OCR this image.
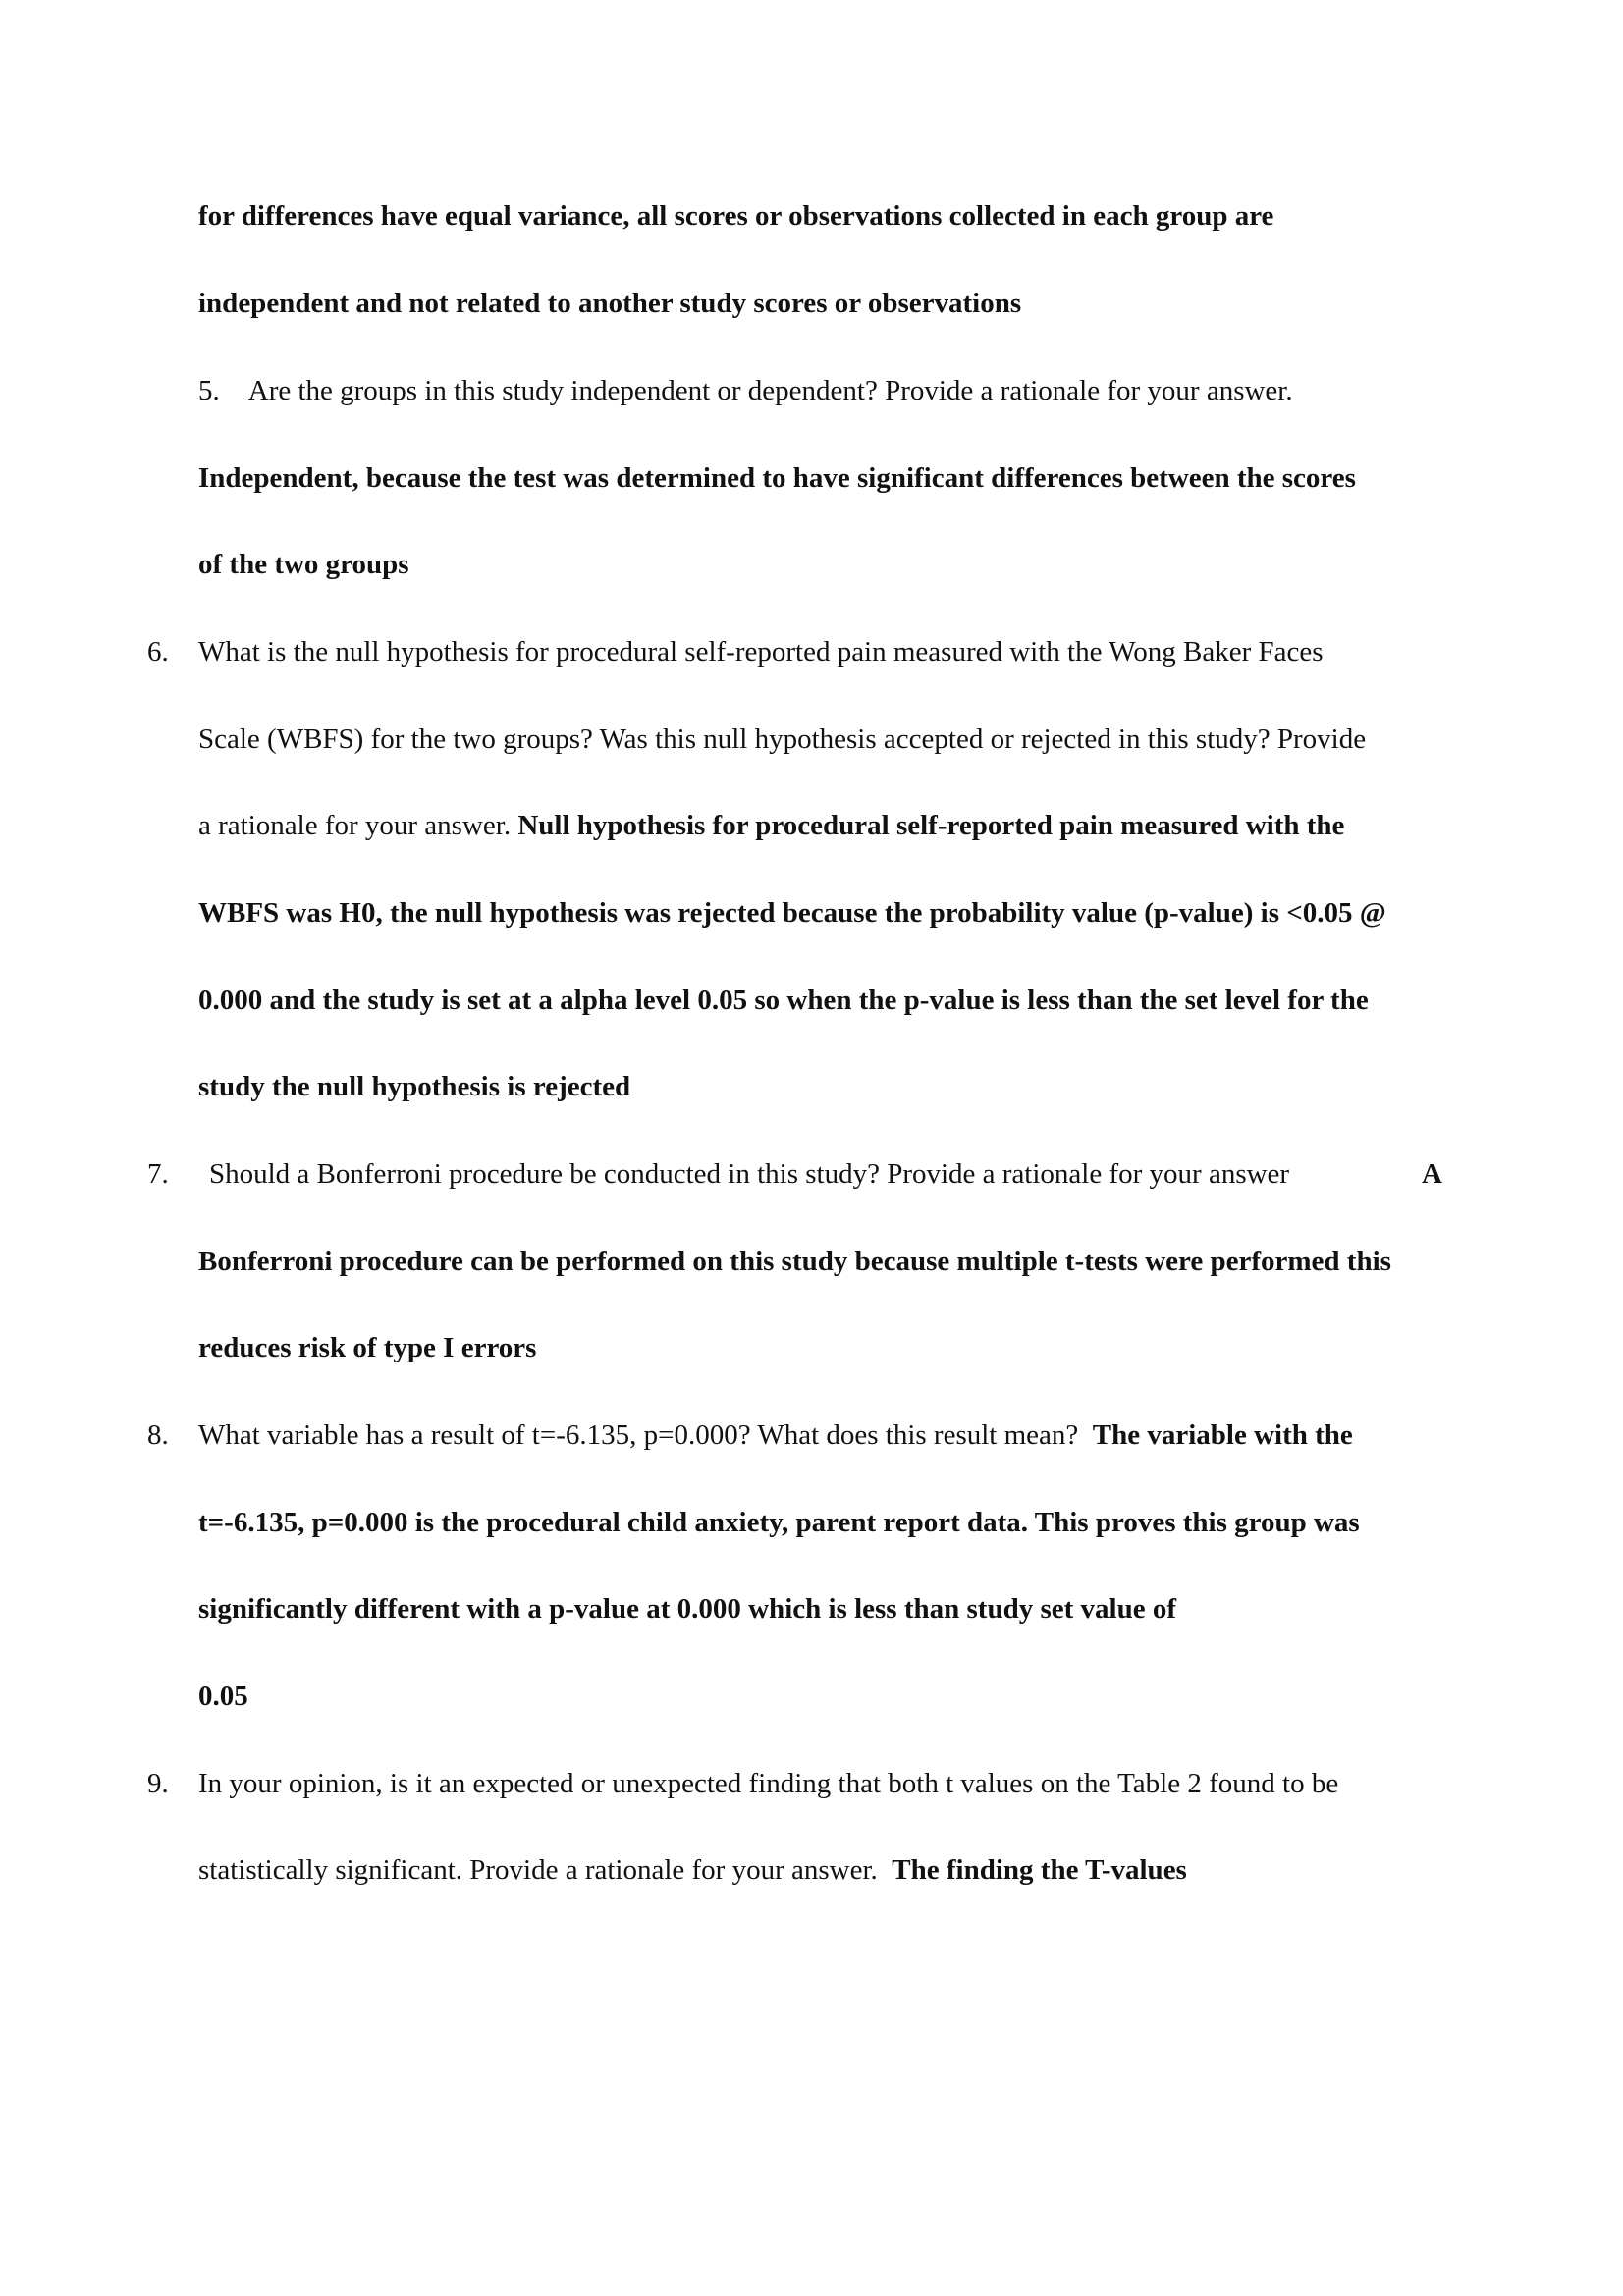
for differences have equal variance, all scores or observations collected in each group are
independent and not related to another study scores or observations
5. Are the groups in this study independent or dependent? Provide a rationale for your answer.
Independent, because the test was determined to have significant differences between the scores
of the two groups
6. What is the null hypothesis for procedural self-reported pain measured with the Wong Baker Faces
Scale (WBFS) for the two groups? Was this null hypothesis accepted or rejected in this study? Provide
a rationale for your answer. Null hypothesis for procedural self-reported pain measured with the
WBFS was H0, the null hypothesis was rejected because the probability value (p-value) is <0.05 @
0.000 and the study is set at a alpha level 0.05 so when the p-value is less than the set level for the
study the null hypothesis is rejected
7. Should a Bonferroni procedure be conducted in this study? Provide a rationale for your answer	A
Bonferroni procedure can be performed on this study because multiple t-tests were performed this
reduces risk of type I errors
8. What variable has a result of t=-6.135, p=0.000? What does this result mean? The variable with the
t=-6.135, p=0.000 is the procedural child anxiety, parent report data. This proves this group was
significantly different with a p-value at 0.000 which is less than study set value of
0.05
9. In your opinion, is it an expected or unexpected finding that both t values on the Table 2 found to be
statistically significant. Provide a rationale for your answer. The finding the T-values
